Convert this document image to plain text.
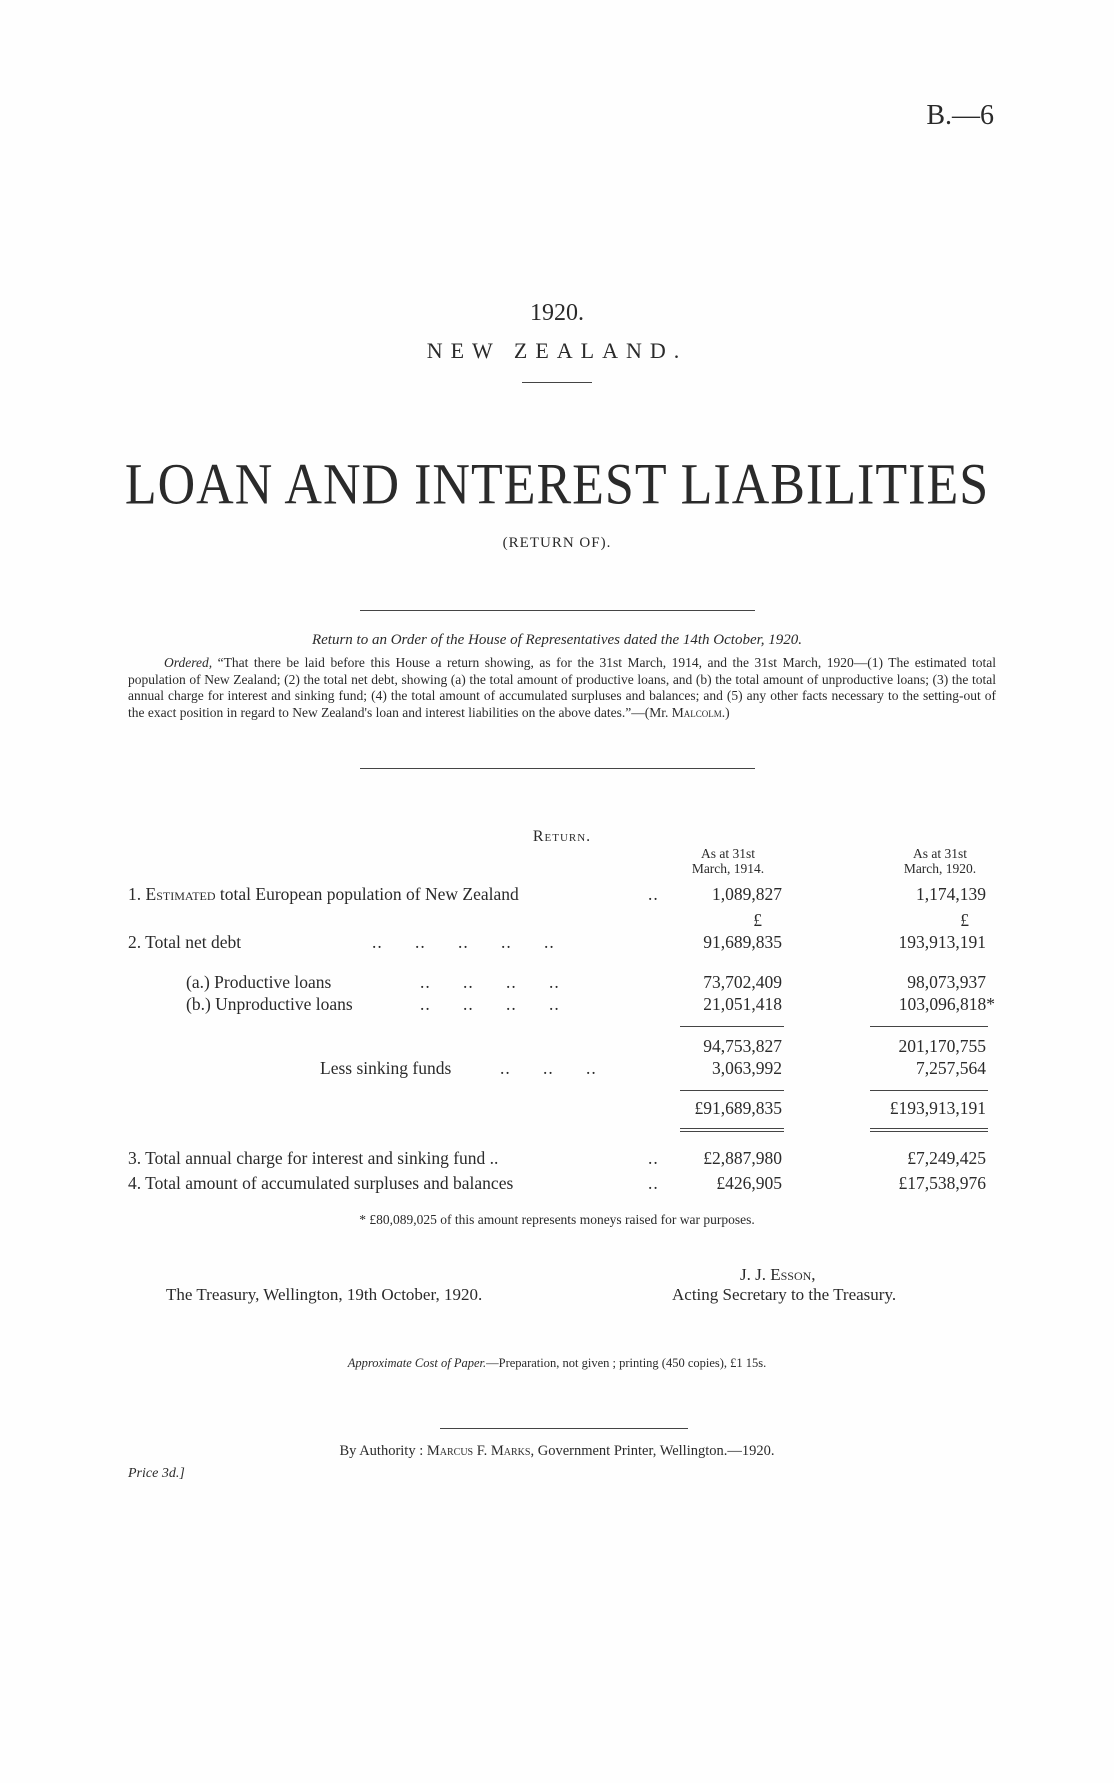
B.—6
1920.
NEW ZEALAND.
LOAN AND INTEREST LIABILITIES
(RETURN OF).
Return to an Order of the House of Representatives dated the 14th October, 1920.
Ordered, “That there be laid before this House a return showing, as for the 31st March, 1914, and the 31st March, 1920—(1) The estimated total population of New Zealand; (2) the total net debt, showing (a) the total amount of productive loans, and (b) the total amount of unproductive loans; (3) the total annual charge for interest and sinking fund; (4) the total amount of accumulated surpluses and balances; and (5) any other facts necessary to the setting-out of the exact position in regard to New Zealand's loan and interest liabilities on the above dates.”—(Mr. Malcolm.)
Return.
As at 31st
March, 1914.
As at 31st
March, 1920.
1. Estimated total European population of New Zealand	..	1,089,827	1,174,139
£	£
2. Total net debt	..      ..      ..      ..      ..	91,689,835	193,913,191
(a.) Productive loans	..      ..      ..      ..	73,702,409	98,073,937
(b.) Unproductive loans	..      ..      ..      ..	21,051,418	103,096,818*
94,753,827	201,170,755
Less sinking funds	..      ..      ..	3,063,992	7,257,564
£91,689,835	£193,913,191
3. Total annual charge for interest and sinking fund ..	..	£2,887,980	£7,249,425
4. Total amount of accumulated surpluses and balances	..	£426,905	£17,538,976
* £80,089,025 of this amount represents moneys raised for war purposes.
The Treasury, Wellington, 19th October, 1920.
J. J. Esson,
Acting Secretary to the Treasury.
Approximate Cost of Paper.—Preparation, not given ; printing (450 copies), £1 15s.
By Authority : Marcus F. Marks, Government Printer, Wellington.—1920.
Price 3d.]
